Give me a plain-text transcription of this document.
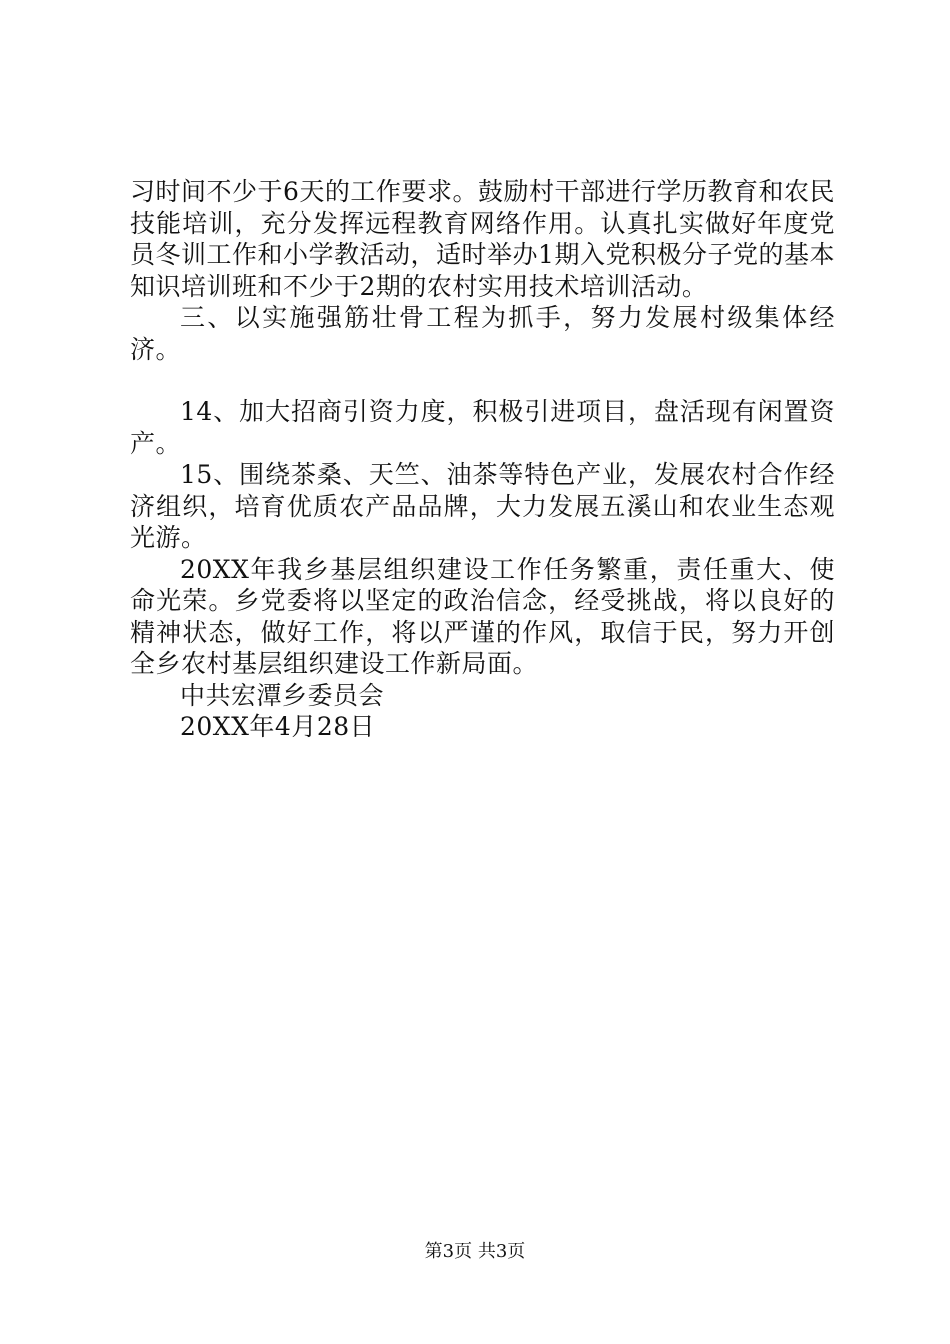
习时间不少于6天的工作要求。鼓励村干部进行学历教育和农民技能培训，充分发挥远程教育网络作用。认真扎实做好年度党员冬训工作和小学教活动，适时举办1期入党积极分子党的基本知识培训班和不少于2期的农村实用技术培训活动。

三、以实施强筋壮骨工程为抓手，努力发展村级集体经济。

14、加大招商引资力度，积极引进项目，盘活现有闲置资产。

15、围绕茶桑、天竺、油茶等特色产业，发展农村合作经济组织，培育优质农产品品牌，大力发展五溪山和农业生态观光游。

20XX年我乡基层组织建设工作任务繁重，责任重大、使命光荣。乡党委将以坚定的政治信念，经受挑战，将以良好的精神状态，做好工作，将以严谨的作风，取信于民，努力开创全乡农村基层组织建设工作新局面。

中共宏潭乡委员会

20XX年4月28日

第3页 共3页
